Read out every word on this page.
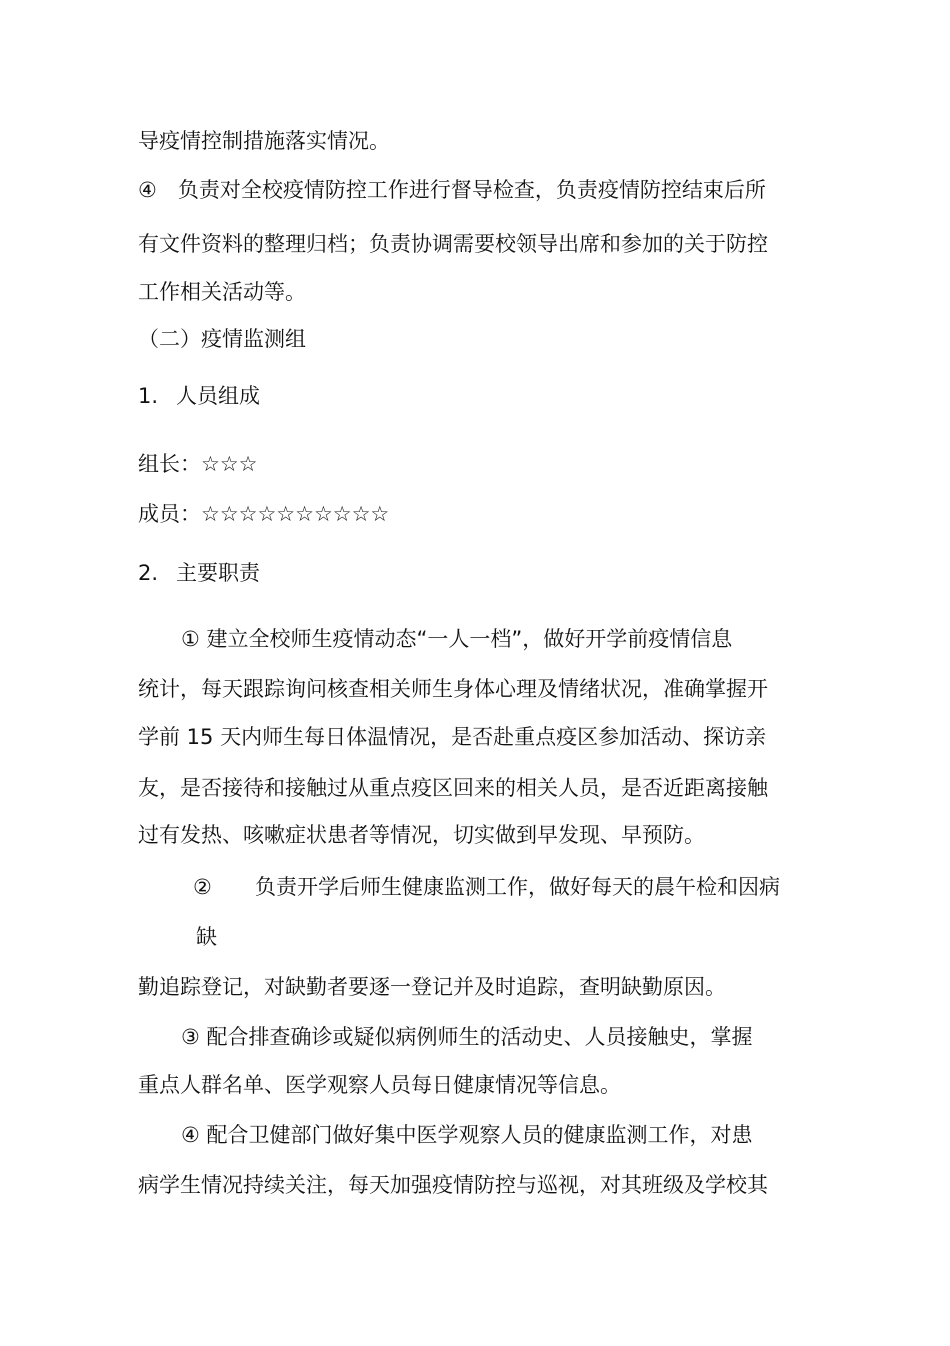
导疫情控制措施落实情况。

④　负责对全校疫情防控工作进行督导检查，负责疫情防控结束后所

有文件资料的整理归档；负责协调需要校领导出席和参加的关于防控

工作相关活动等。

（二）疫情监测组

1. 人员组成

组长：☆☆☆

成员：☆☆☆☆☆☆☆☆☆☆

2. 主要职责

① 建立全校师生疫情动态“一人一档”，做好开学前疫情信息

统计，每天跟踪询问核查相关师生身体心理及情绪状况，准确掌握开

学前 15 天内师生每日体温情况，是否赴重点疫区参加活动、探访亲

友，是否接待和接触过从重点疫区回来的相关人员，是否近距离接触

过有发热、咳嗽症状患者等情况，切实做到早发现、早预防。

② 负责开学后师生健康监测工作，做好每天的晨午检和因病

缺

勤追踪登记，对缺勤者要逐一登记并及时追踪，查明缺勤原因。

③ 配合排查确诊或疑似病例师生的活动史、人员接触史，掌握

重点人群名单、医学观察人员每日健康情况等信息。

④ 配合卫健部门做好集中医学观察人员的健康监测工作，对患

病学生情况持续关注，每天加强疫情防控与巡视，对其班级及学校其
